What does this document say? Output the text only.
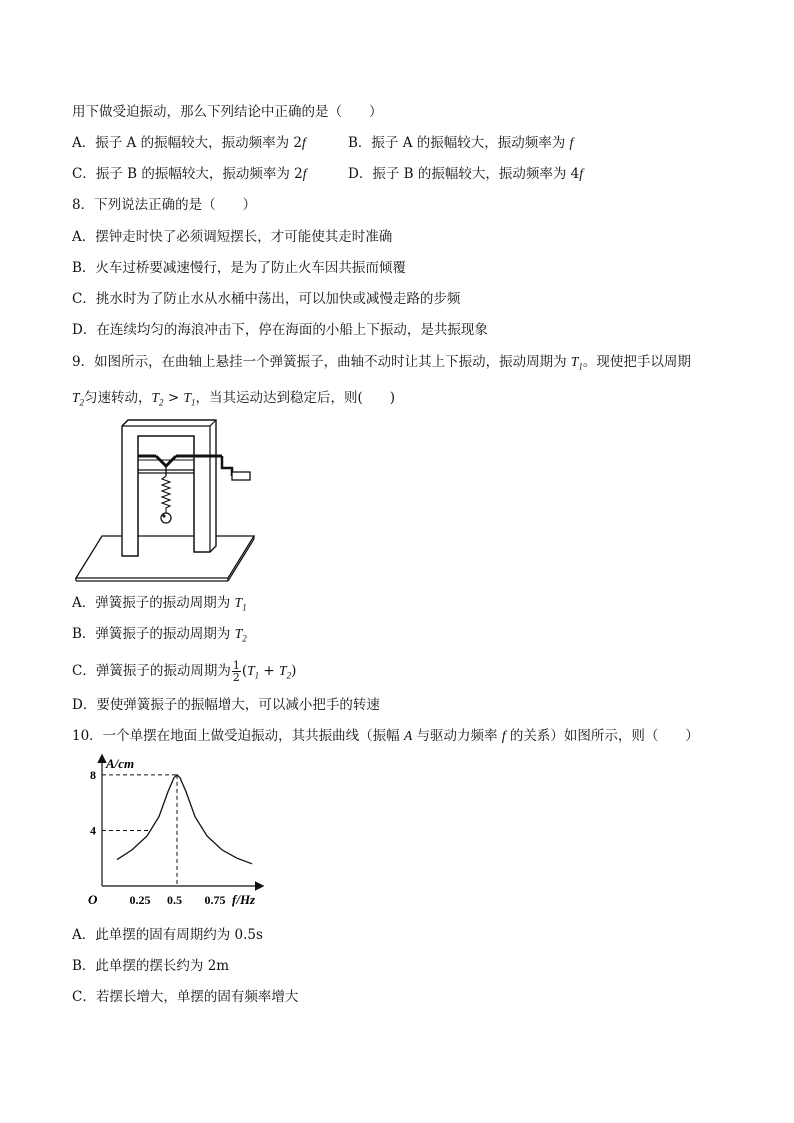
用下做受迫振动，那么下列结论中正确的是（　　）
A．振子 A 的振幅较大，振动频率为 2f	B．振子 A 的振幅较大，振动频率为 f
C．振子 B 的振幅较大，振动频率为 2f	D．振子 B 的振幅较大，振动频率为 4f
8．下列说法正确的是（　　）
A．摆钟走时快了必须调短摆长，才可能使其走时准确
B．火车过桥要减速慢行，是为了防止火车因共振而倾覆
C．挑水时为了防止水从水桶中荡出，可以加快或减慢走路的步频
D．在连续均匀的海浪冲击下，停在海面的小船上下振动，是共振现象
9．如图所示，在曲轴上悬挂一个弹簧振子，曲轴不动时让其上下振动，振动周期为 $T_1$。现使把手以周期
$T_2$匀速转动，$T_2 > T_1$，当其运动达到稳定后，则(　　)
A．弹簧振子的振动周期为 $T_1$
B．弹簧振子的振动周期为 $T_2$
C．弹簧振子的振动周期为 $\frac{1}{2} (T_1 + T_2)$
D．要使弹簧振子的振幅增大，可以减小把手的转速
10．一个单摆在地面上做受迫振动，其共振曲线（振幅 A 与驱动力频率 f 的关系）如图所示，则（　　）
A/cm
f/Hz
O	0.25 0.5 0.75
4
8
A．此单摆的固有周期约为 0.5s
B．此单摆的摆长约为 2m
C．若摆长增大，单摆的固有频率增大
